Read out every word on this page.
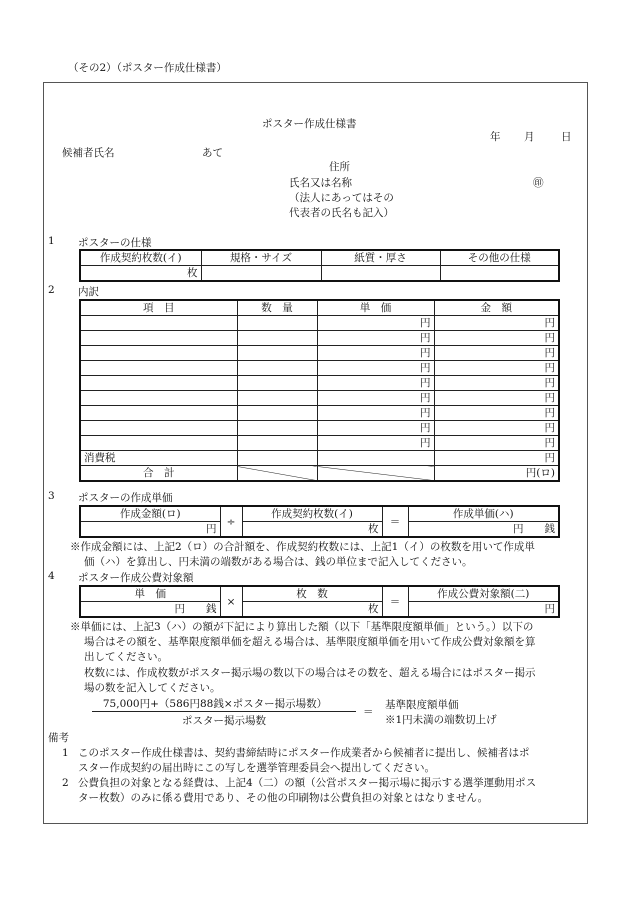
（その2）（ポスター作成仕様書）
ポスター作成仕様書
年 月	日
候補者氏名	あて
住所
氏名又は名称	㊞
（法人にあってはその
代表者の氏名も記入）
1 ポスターの仕様
作成契約枚数(イ)	規格・サイズ	紙質・厚さ	その他の仕様
枚			
2 内訳
項　目	数　量	単　価	金　額
		円	円
		円	円
		円	円
		円	円
		円	円
		円	円
		円	円
		円	円
		円	円
消費税			円
合　計			円(ロ)
3 ポスターの作成単価
作成金額(ロ)	÷	作成契約枚数(イ)	＝	作成単価(ハ)
円		枚		円　　銭
※作成金額には、上記2（ロ）の合計額を、作成契約枚数には、上記1（イ）の枚数を用いて作成単
価（ハ）を算出し、円未満の端数がある場合は、銭の単位まで記入してください。
4 ポスター作成公費対象額
単　価	×	枚　数	＝	作成公費対象額(二)
円　　銭		枚		円
※単価には、上記3（ハ）の額が下記により算出した額（以下「基準限度額単価」という。）以下の
場合はその額を、基準限度額単価を超える場合は、基準限度額単価を用いて作成公費対象額を算
出してください。
枚数には、作成枚数がポスター掲示場の数以下の場合はその数を、超える場合にはポスター掲示
場の数を記入してください。
75,000円+（586円88銭×ポスター掲示場数）
ポスター掲示場数
＝
基準限度額単価
※1円未満の端数切上げ
備考
1 このポスター作成仕様書は、契約書締結時にポスター作成業者から候補者に提出し、候補者はポ
スター作成契約の届出時にこの写しを選挙管理委員会へ提出してください。
2 公費負担の対象となる経費は、上記4（二）の額（公営ポスター掲示場に掲示する選挙運動用ポス
ター枚数）のみに係る費用であり、その他の印刷物は公費負担の対象とはなりません。
